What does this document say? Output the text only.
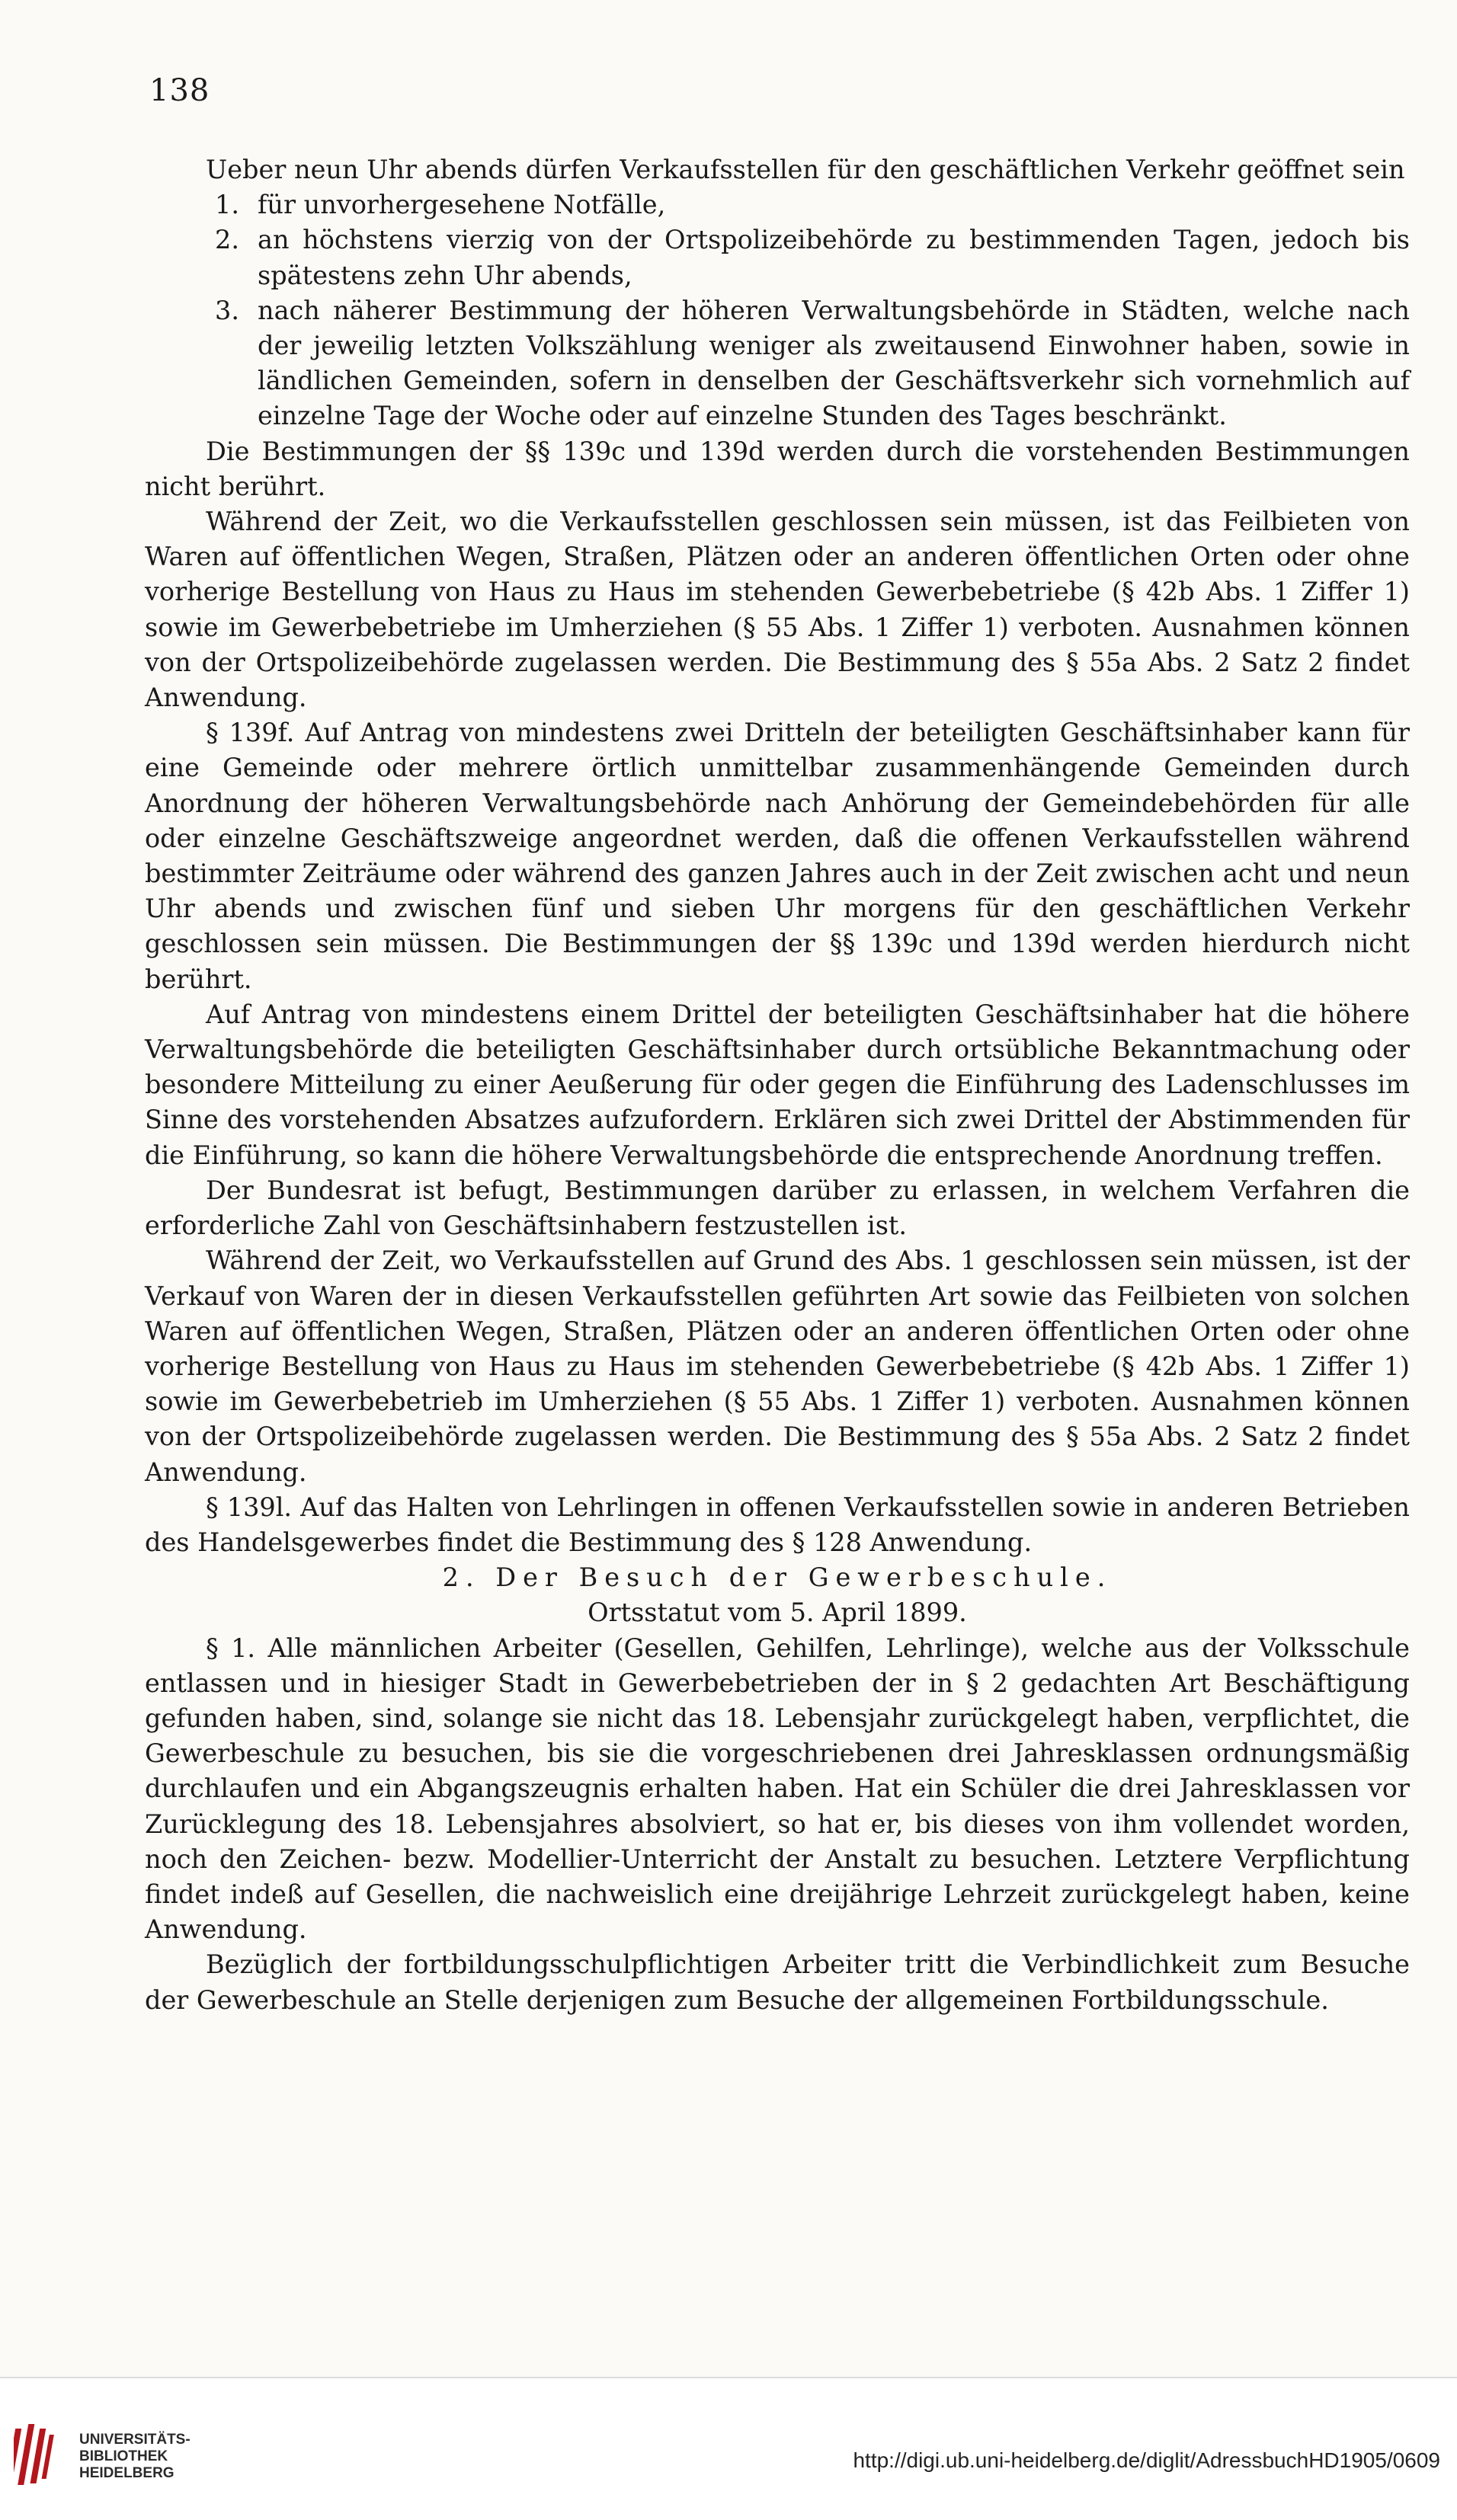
138

Ueber neun Uhr abends dürfen Verkaufsstellen für den geschäftlichen Verkehr geöffnet sein

1. für unvorhergesehene Notfälle,
2. an höchstens vierzig von der Ortspolizeibehörde zu bestimmenden Tagen, jedoch bis spätestens zehn Uhr abends,
3. nach näherer Bestimmung der höheren Verwaltungsbehörde in Städten, welche nach der jeweilig letzten Volkszählung weniger als zweitausend Einwohner haben, sowie in ländlichen Gemeinden, sofern in denselben der Geschäftsverkehr sich vornehmlich auf einzelne Tage der Woche oder auf einzelne Stunden des Tages beschränkt.

Die Bestimmungen der §§ 139c und 139d werden durch die vorstehenden Bestimmungen nicht berührt.

Während der Zeit, wo die Verkaufsstellen geschlossen sein müssen, ist das Feilbieten von Waren auf öffentlichen Wegen, Straßen, Plätzen oder an anderen öffentlichen Orten oder ohne vorherige Bestellung von Haus zu Haus im stehenden Gewerbebetriebe (§ 42b Abs. 1 Ziffer 1) sowie im Gewerbebetriebe im Umherziehen (§ 55 Abs. 1 Ziffer 1) verboten. Ausnahmen können von der Ortspolizeibehörde zugelassen werden. Die Bestimmung des § 55a Abs. 2 Satz 2 findet Anwendung.

§ 139f. Auf Antrag von mindestens zwei Dritteln der beteiligten Geschäftsinhaber kann für eine Gemeinde oder mehrere örtlich unmittelbar zusammenhängende Gemeinden durch Anordnung der höheren Verwaltungsbehörde nach Anhörung der Gemeindebehörden für alle oder einzelne Geschäftszweige angeordnet werden, daß die offenen Verkaufsstellen während bestimmter Zeiträume oder während des ganzen Jahres auch in der Zeit zwischen acht und neun Uhr abends und zwischen fünf und sieben Uhr morgens für den geschäftlichen Verkehr geschlossen sein müssen. Die Bestimmungen der §§ 139c und 139d werden hierdurch nicht berührt.

Auf Antrag von mindestens einem Drittel der beteiligten Geschäftsinhaber hat die höhere Verwaltungsbehörde die beteiligten Geschäftsinhaber durch ortsübliche Bekanntmachung oder besondere Mitteilung zu einer Aeußerung für oder gegen die Einführung des Ladenschlusses im Sinne des vorstehenden Absatzes aufzufordern. Erklären sich zwei Drittel der Abstimmenden für die Einführung, so kann die höhere Verwaltungsbehörde die entsprechende Anordnung treffen.

Der Bundesrat ist befugt, Bestimmungen darüber zu erlassen, in welchem Verfahren die erforderliche Zahl von Geschäftsinhabern festzustellen ist.

Während der Zeit, wo Verkaufsstellen auf Grund des Abs. 1 geschlossen sein müssen, ist der Verkauf von Waren der in diesen Verkaufsstellen geführten Art sowie das Feilbieten von solchen Waren auf öffentlichen Wegen, Straßen, Plätzen oder an anderen öffentlichen Orten oder ohne vorherige Bestellung von Haus zu Haus im stehenden Gewerbebetriebe (§ 42b Abs. 1 Ziffer 1) sowie im Gewerbebetrieb im Umherziehen (§ 55 Abs. 1 Ziffer 1) verboten. Ausnahmen können von der Ortspolizeibehörde zugelassen werden. Die Bestimmung des § 55a Abs. 2 Satz 2 findet Anwendung.

§ 139l. Auf das Halten von Lehrlingen in offenen Verkaufsstellen sowie in anderen Betrieben des Handelsgewerbes findet die Bestimmung des § 128 Anwendung.

2. Der Besuch der Gewerbeschule.

Ortsstatut vom 5. April 1899.

§ 1. Alle männlichen Arbeiter (Gesellen, Gehilfen, Lehrlinge), welche aus der Volksschule entlassen und in hiesiger Stadt in Gewerbebetrieben der in § 2 gedachten Art Beschäftigung gefunden haben, sind, solange sie nicht das 18. Lebensjahr zurückgelegt haben, verpflichtet, die Gewerbeschule zu besuchen, bis sie die vorgeschriebenen drei Jahresklassen ordnungsmäßig durchlaufen und ein Abgangszeugnis erhalten haben. Hat ein Schüler die drei Jahresklassen vor Zurücklegung des 18. Lebensjahres absolviert, so hat er, bis dieses von ihm vollendet worden, noch den Zeichen- bezw. Modellier-Unterricht der Anstalt zu besuchen. Letztere Verpflichtung findet indeß auf Gesellen, die nachweislich eine dreijährige Lehrzeit zurückgelegt haben, keine Anwendung.

Bezüglich der fortbildungsschulpflichtigen Arbeiter tritt die Verbindlichkeit zum Besuche der Gewerbeschule an Stelle derjenigen zum Besuche der allgemeinen Fortbildungsschule.

UNIVERSITÄTS-
BIBLIOTHEK
HEIDELBERG
http://digi.ub.uni-heidelberg.de/diglit/AdressbuchHD1905/0609
